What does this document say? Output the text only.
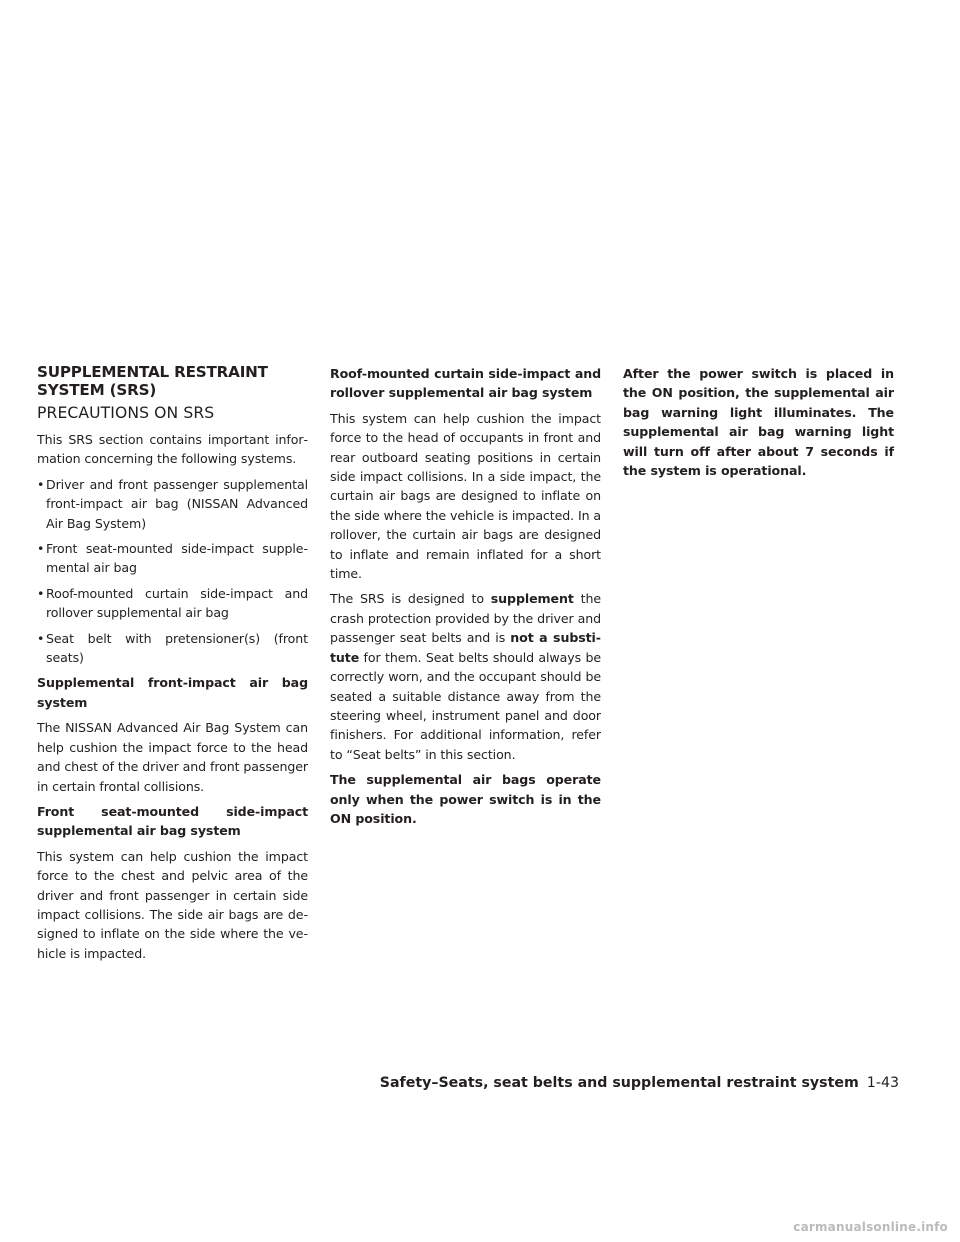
SUPPLEMENTAL RESTRAINT SYSTEM (SRS)
PRECAUTIONS ON SRS

This SRS section contains important information concerning the following systems.

• Driver and front passenger supplemental front-impact air bag (NISSAN Advanced Air Bag System)
• Front seat-mounted side-impact supplemental air bag
• Roof-mounted curtain side-impact and rollover supplemental air bag
• Seat belt with pretensioner(s) (front seats)

Supplemental front-impact air bag system

The NISSAN Advanced Air Bag System can help cushion the impact force to the head and chest of the driver and front passenger in certain frontal collisions.

Front seat-mounted side-impact supplemental air bag system

This system can help cushion the impact force to the chest and pelvic area of the driver and front passenger in certain side impact collisions. The side air bags are designed to inflate on the side where the vehicle is impacted.

Roof-mounted curtain side-impact and rollover supplemental air bag system

This system can help cushion the impact force to the head of occupants in front and rear outboard seating positions in certain side impact collisions. In a side impact, the curtain air bags are designed to inflate on the side where the vehicle is impacted. In a rollover, the curtain air bags are designed to inflate and remain inflated for a short time.

The SRS is designed to supplement the crash protection provided by the driver and passenger seat belts and is not a substitute for them. Seat belts should always be correctly worn, and the occupant should be seated a suitable distance away from the steering wheel, instrument panel and door finishers. For additional information, refer to “Seat belts” in this section.

The supplemental air bags operate only when the power switch is in the ON position.

After the power switch is placed in the ON position, the supplemental air bag warning light illuminates. The supplemental air bag warning light will turn off after about 7 seconds if the system is operational.

Safety–Seats, seat belts and supplemental restraint system 1-43
carmanualsonline.info
